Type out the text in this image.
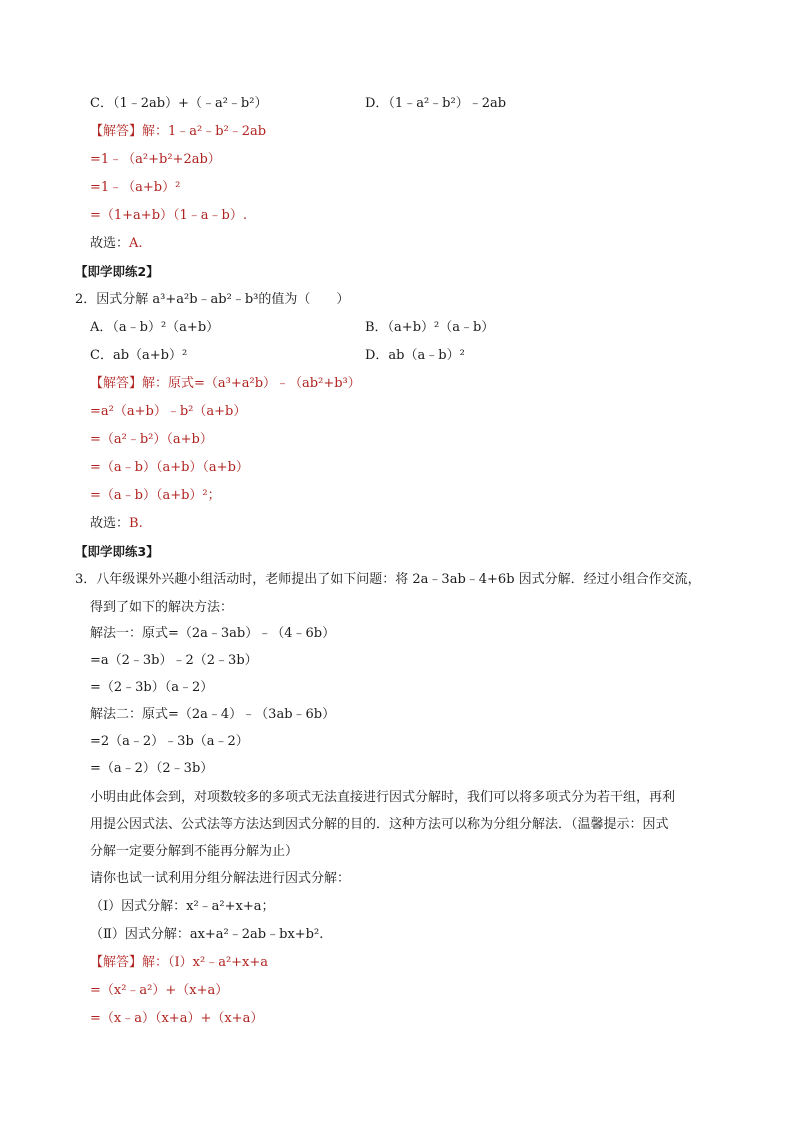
C．（1﹣2ab）+（﹣a²﹣b²）	D．（1﹣a²﹣b²）﹣2ab
【解答】解：1﹣a²﹣b²﹣2ab
=1﹣（a²+b²+2ab）
=1﹣（a+b）²
=（1+a+b）（1﹣a﹣b）.
故选：A.
【即学即练2】
2．因式分解 a³+a²b﹣ab²﹣b³的值为（　　）
A．（a﹣b）²（a+b）	B．（a+b）²（a﹣b）
C．ab（a+b）²	D．ab（a﹣b）²
【解答】解：原式=（a³+a²b）﹣（ab²+b³）
=a²（a+b）﹣b²（a+b）
=（a²﹣b²）（a+b）
=（a﹣b）（a+b）（a+b）
=（a﹣b）（a+b）²；
故选：B.
【即学即练3】
3．八年级课外兴趣小组活动时，老师提出了如下问题：将 2a﹣3ab﹣4+6b 因式分解．经过小组合作交流，
得到了如下的解决方法：
解法一：原式=（2a﹣3ab）﹣（4﹣6b）
=a（2﹣3b）﹣2（2﹣3b）
=（2﹣3b）（a﹣2）
解法二：原式=（2a﹣4）﹣（3ab﹣6b）
=2（a﹣2）﹣3b（a﹣2）
=（a﹣2）（2﹣3b）
小明由此体会到，对项数较多的多项式无法直接进行因式分解时，我们可以将多项式分为若干组，再利
用提公因式法、公式法等方法达到因式分解的目的．这种方法可以称为分组分解法．（温馨提示：因式
分解一定要分解到不能再分解为止）
请你也试一试利用分组分解法进行因式分解：
（Ⅰ）因式分解：x²﹣a²+x+a；
（Ⅱ）因式分解：ax+a²﹣2ab﹣bx+b².
【解答】解：（Ⅰ）x²﹣a²+x+a
=（x²﹣a²）+（x+a）
=（x﹣a）（x+a）+（x+a）
